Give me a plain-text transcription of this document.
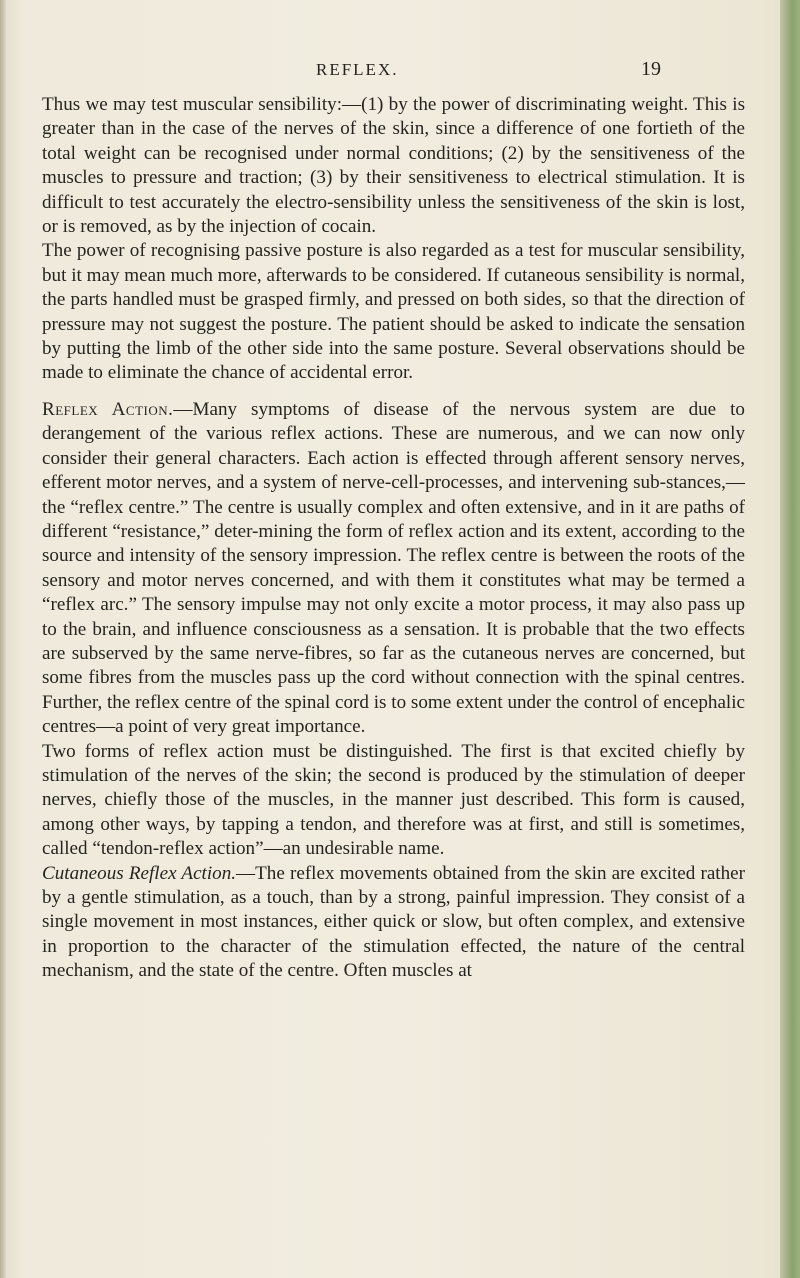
REFLEX.	19

Thus we may test muscular sensibility:—(1) by the power of discriminating weight. This is greater than in the case of the nerves of the skin, since a difference of one fortieth of the total weight can be recognised under normal conditions; (2) by the sensitiveness of the muscles to pressure and traction; (3) by their sensitiveness to electrical stimulation. It is difficult to test accurately the electro-sensibility unless the sensitiveness of the skin is lost, or is removed, as by the injection of cocain.

The power of recognising passive posture is also regarded as a test for muscular sensibility, but it may mean much more, afterwards to be considered. If cutaneous sensibility is normal, the parts handled must be grasped firmly, and pressed on both sides, so that the direction of pressure may not suggest the posture. The patient should be asked to indicate the sensation by putting the limb of the other side into the same posture. Several observations should be made to eliminate the chance of accidental error.

Reflex Action.—Many symptoms of disease of the nervous system are due to derangement of the various reflex actions. These are numerous, and we can now only consider their general characters. Each action is effected through afferent sensory nerves, efferent motor nerves, and a system of nerve-cell-processes, and intervening sub-stances,—the “reflex centre.” The centre is usually complex and often extensive, and in it are paths of different “resistance,” deter-mining the form of reflex action and its extent, according to the source and intensity of the sensory impression. The reflex centre is between the roots of the sensory and motor nerves concerned, and with them it constitutes what may be termed a “reflex arc.” The sensory impulse may not only excite a motor process, it may also pass up to the brain, and influence consciousness as a sensation. It is probable that the two effects are subserved by the same nerve-fibres, so far as the cutaneous nerves are concerned, but some fibres from the muscles pass up the cord without connection with the spinal centres. Further, the reflex centre of the spinal cord is to some extent under the control of encephalic centres—a point of very great importance.

Two forms of reflex action must be distinguished. The first is that excited chiefly by stimulation of the nerves of the skin; the second is produced by the stimulation of deeper nerves, chiefly those of the muscles, in the manner just described. This form is caused, among other ways, by tapping a tendon, and therefore was at first, and still is sometimes, called “tendon-reflex action”—an undesirable name.

Cutaneous Reflex Action.—The reflex movements obtained from the skin are excited rather by a gentle stimulation, as a touch, than by a strong, painful impression. They consist of a single movement in most instances, either quick or slow, but often complex, and extensive in proportion to the character of the stimulation effected, the nature of the central mechanism, and the state of the centre. Often muscles at
